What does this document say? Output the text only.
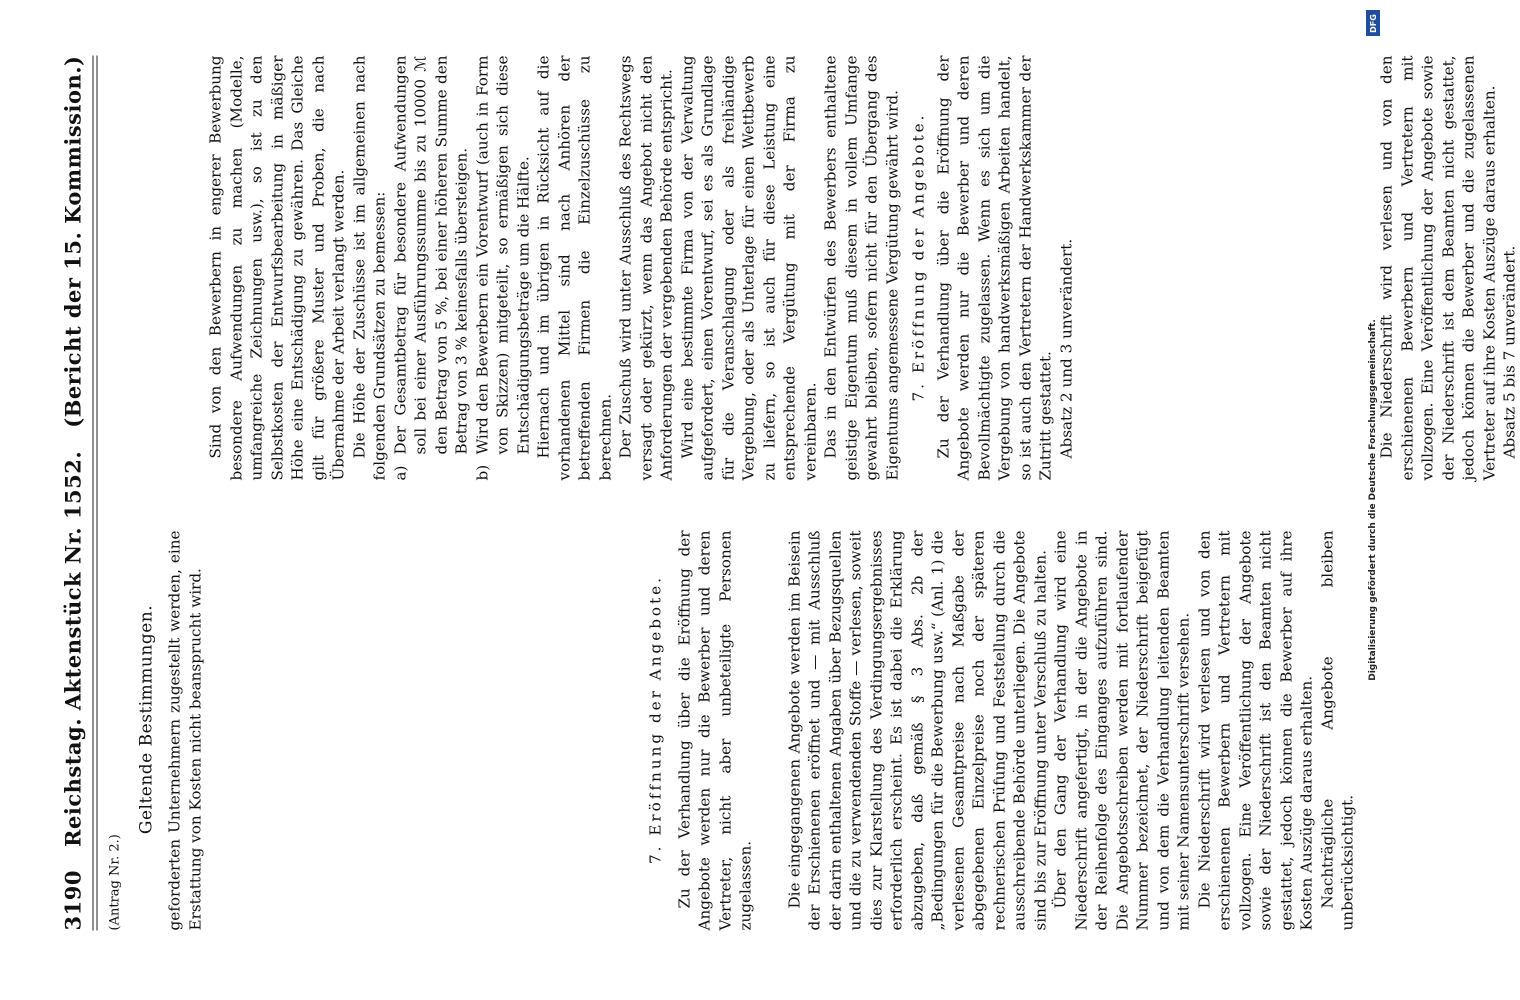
3190
Reichstag. Aktenstück Nr. 1552.
(Bericht der 15. Kommission.)

(Antrag Nr. 2.)

Geltende Bestimmungen. geforderten Unternehmern zugestellt werden, eine Erstattung von Kosten nicht beansprucht wird.	7. Eröffnung der Angebote. Zu der Verhandlung über die Eröffnung der Angebote werden nur die Bewerber und deren Vertreter, nicht aber unbeteiligte Personen zugelassen. Die eingegangenen Angebote werden im Beisein der Erschienenen eröffnet und — mit Ausschluß der darin enthaltenen Angaben über Bezugsquellen und die zu verwendenden Stoffe — verlesen, soweit dies zur Klarstellung des Verdingungsergebnisses erforderlich erscheint. Es ist dabei die Erklärung abzugeben, daß gemäß § 3 Abs. 2b der „Bedingungen für die Bewerbung usw.“ (Anl. 1) die verlesenen Gesamtpreise nach Maßgabe der abgegebenen Einzelpreise noch der späteren rechnerischen Prüfung und Feststellung durch die ausschreibende Behörde unterliegen. Die Angebote sind bis zur Eröffnung unter Verschluß zu halten. Über den Gang der Verhandlung wird eine Niederschrift angefertigt, in der die Angebote in der Reihenfolge des Einganges aufzuführen sind. Die Angebotsschreiben werden mit fortlaufender Nummer bezeichnet, der Niederschrift beigefügt und von dem die Verhandlung leitenden Beamten mit seiner Namensunterschrift versehen. Die Niederschrift wird verlesen und von den erschienenen Bewerbern und Vertretern mit vollzogen. Eine Veröffentlichung der Angebote sowie der Niederschrift ist den Beamten nicht gestattet, jedoch können die Bewerber auf ihre Kosten Auszüge daraus erhalten. Nachträgliche Angebote bleiben unberücksichtigt.

Sind von den Bewerbern in engerer Bewerbung besondere Aufwendungen zu machen (Modelle, umfangreiche Zeichnungen usw.), so ist zu den Selbstkosten der Entwurfsbearbeitung in mäßiger Höhe eine Entschädigung zu gewähren. Das Gleiche gilt für größere Muster und Proben, die nach Übernahme der Arbeit verlangt werden. Die Höhe der Zuschüsse ist im allgemeinen nach folgenden Grundsätzen zu bemessen: a)
Der Gesamtbetrag für besondere Aufwendungen soll bei einer Ausführungssumme bis zu 10000 ℳ den Betrag von 5 %, bei einer höheren Summe den Betrag von 3 % keinesfalls übersteigen.
b)
Wird den Bewerbern ein Vorentwurf (auch in Form von Skizzen) mitgeteilt, so ermäßigen sich diese Entschädigungsbeträge um die Hälfte. Hiernach und im übrigen in Rücksicht auf die vorhandenen Mittel sind nach Anhören der betreffenden Firmen die Einzelzuschüsse zu berechnen. Der Zuschuß wird unter Ausschluß des Rechtswegs versagt oder gekürzt, wenn das Angebot nicht den Anforderungen der vergebenden Behörde entspricht. Wird eine bestimmte Firma von der Verwaltung aufgefordert, einen Vorentwurf, sei es als Grundlage für die Veranschlagung oder als freihändige Vergebung, oder als Unterlage für einen Wettbewerb zu liefern, so ist auch für diese Leistung eine entsprechende Vergütung mit der Firma zu vereinbaren. Das in den Entwürfen des Bewerbers enthaltene geistige Eigentum muß diesem in vollem Umfange gewahrt bleiben, sofern nicht für den Übergang des Eigentums angemessene Vergütung gewährt wird. 7. Eröffnung der Angebote. Zu der Verhandlung über die Eröffnung der Angebote werden nur die Bewerber und deren Bevollmächtigte zugelassen. Wenn es sich um die Vergebung von handwerksmäßigen Arbeiten handelt, so ist auch den Vertretern der Handwerkskammer der Zutritt gestattet. Absatz 2 und 3 unverändert.	Die Niederschrift wird verlesen und von den erschienenen Bewerbern und Vertretern mit vollzogen. Eine Veröffentlichung der Angebote sowie der Niederschrift ist dem Beamten nicht gestattet, jedoch können die Bewerber und die zugelassenen Vertreter auf ihre Kosten Auszüge daraus erhalten. Absatz 5 bis 7 unverändert.

DFG
Digitalisierung gefördert durch die Deutsche Forschungsgemeinschaft.
